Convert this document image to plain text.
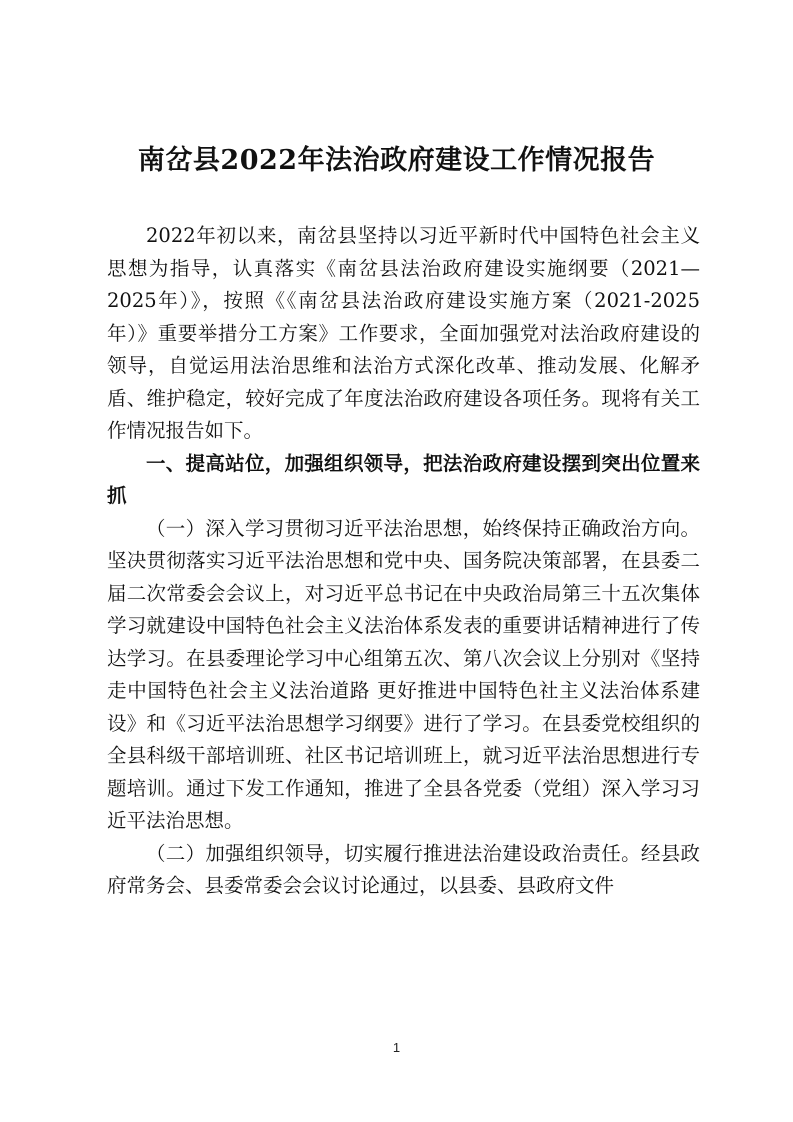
南岔县2022年法治政府建设工作情况报告

2022年初以来，南岔县坚持以习近平新时代中国特色社会主义思想为指导，认真落实《南岔县法治政府建设实施纲要（2021—2025年）》，按照《《南岔县法治政府建设实施方案（2021-2025年）》重要举措分工方案》工作要求，全面加强党对法治政府建设的领导，自觉运用法治思维和法治方式深化改革、推动发展、化解矛盾、维护稳定，较好完成了年度法治政府建设各项任务。现将有关工作情况报告如下。

一、提高站位，加强组织领导，把法治政府建设摆到突出位置来抓

（一）深入学习贯彻习近平法治思想，始终保持正确政治方向。坚决贯彻落实习近平法治思想和党中央、国务院决策部署，在县委二届二次常委会会议上，对习近平总书记在中央政治局第三十五次集体学习就建设中国特色社会主义法治体系发表的重要讲话精神进行了传达学习。在县委理论学习中心组第五次、第八次会议上分别对《坚持走中国特色社会主义法治道路 更好推进中国特色社主义法治体系建设》和《习近平法治思想学习纲要》进行了学习。在县委党校组织的全县科级干部培训班、社区书记培训班上，就习近平法治思想进行专题培训。通过下发工作通知，推进了全县各党委（党组）深入学习习近平法治思想。

（二）加强组织领导，切实履行推进法治建设政治责任。经县政府常务会、县委常委会会议讨论通过，以县委、县政府文件

1
